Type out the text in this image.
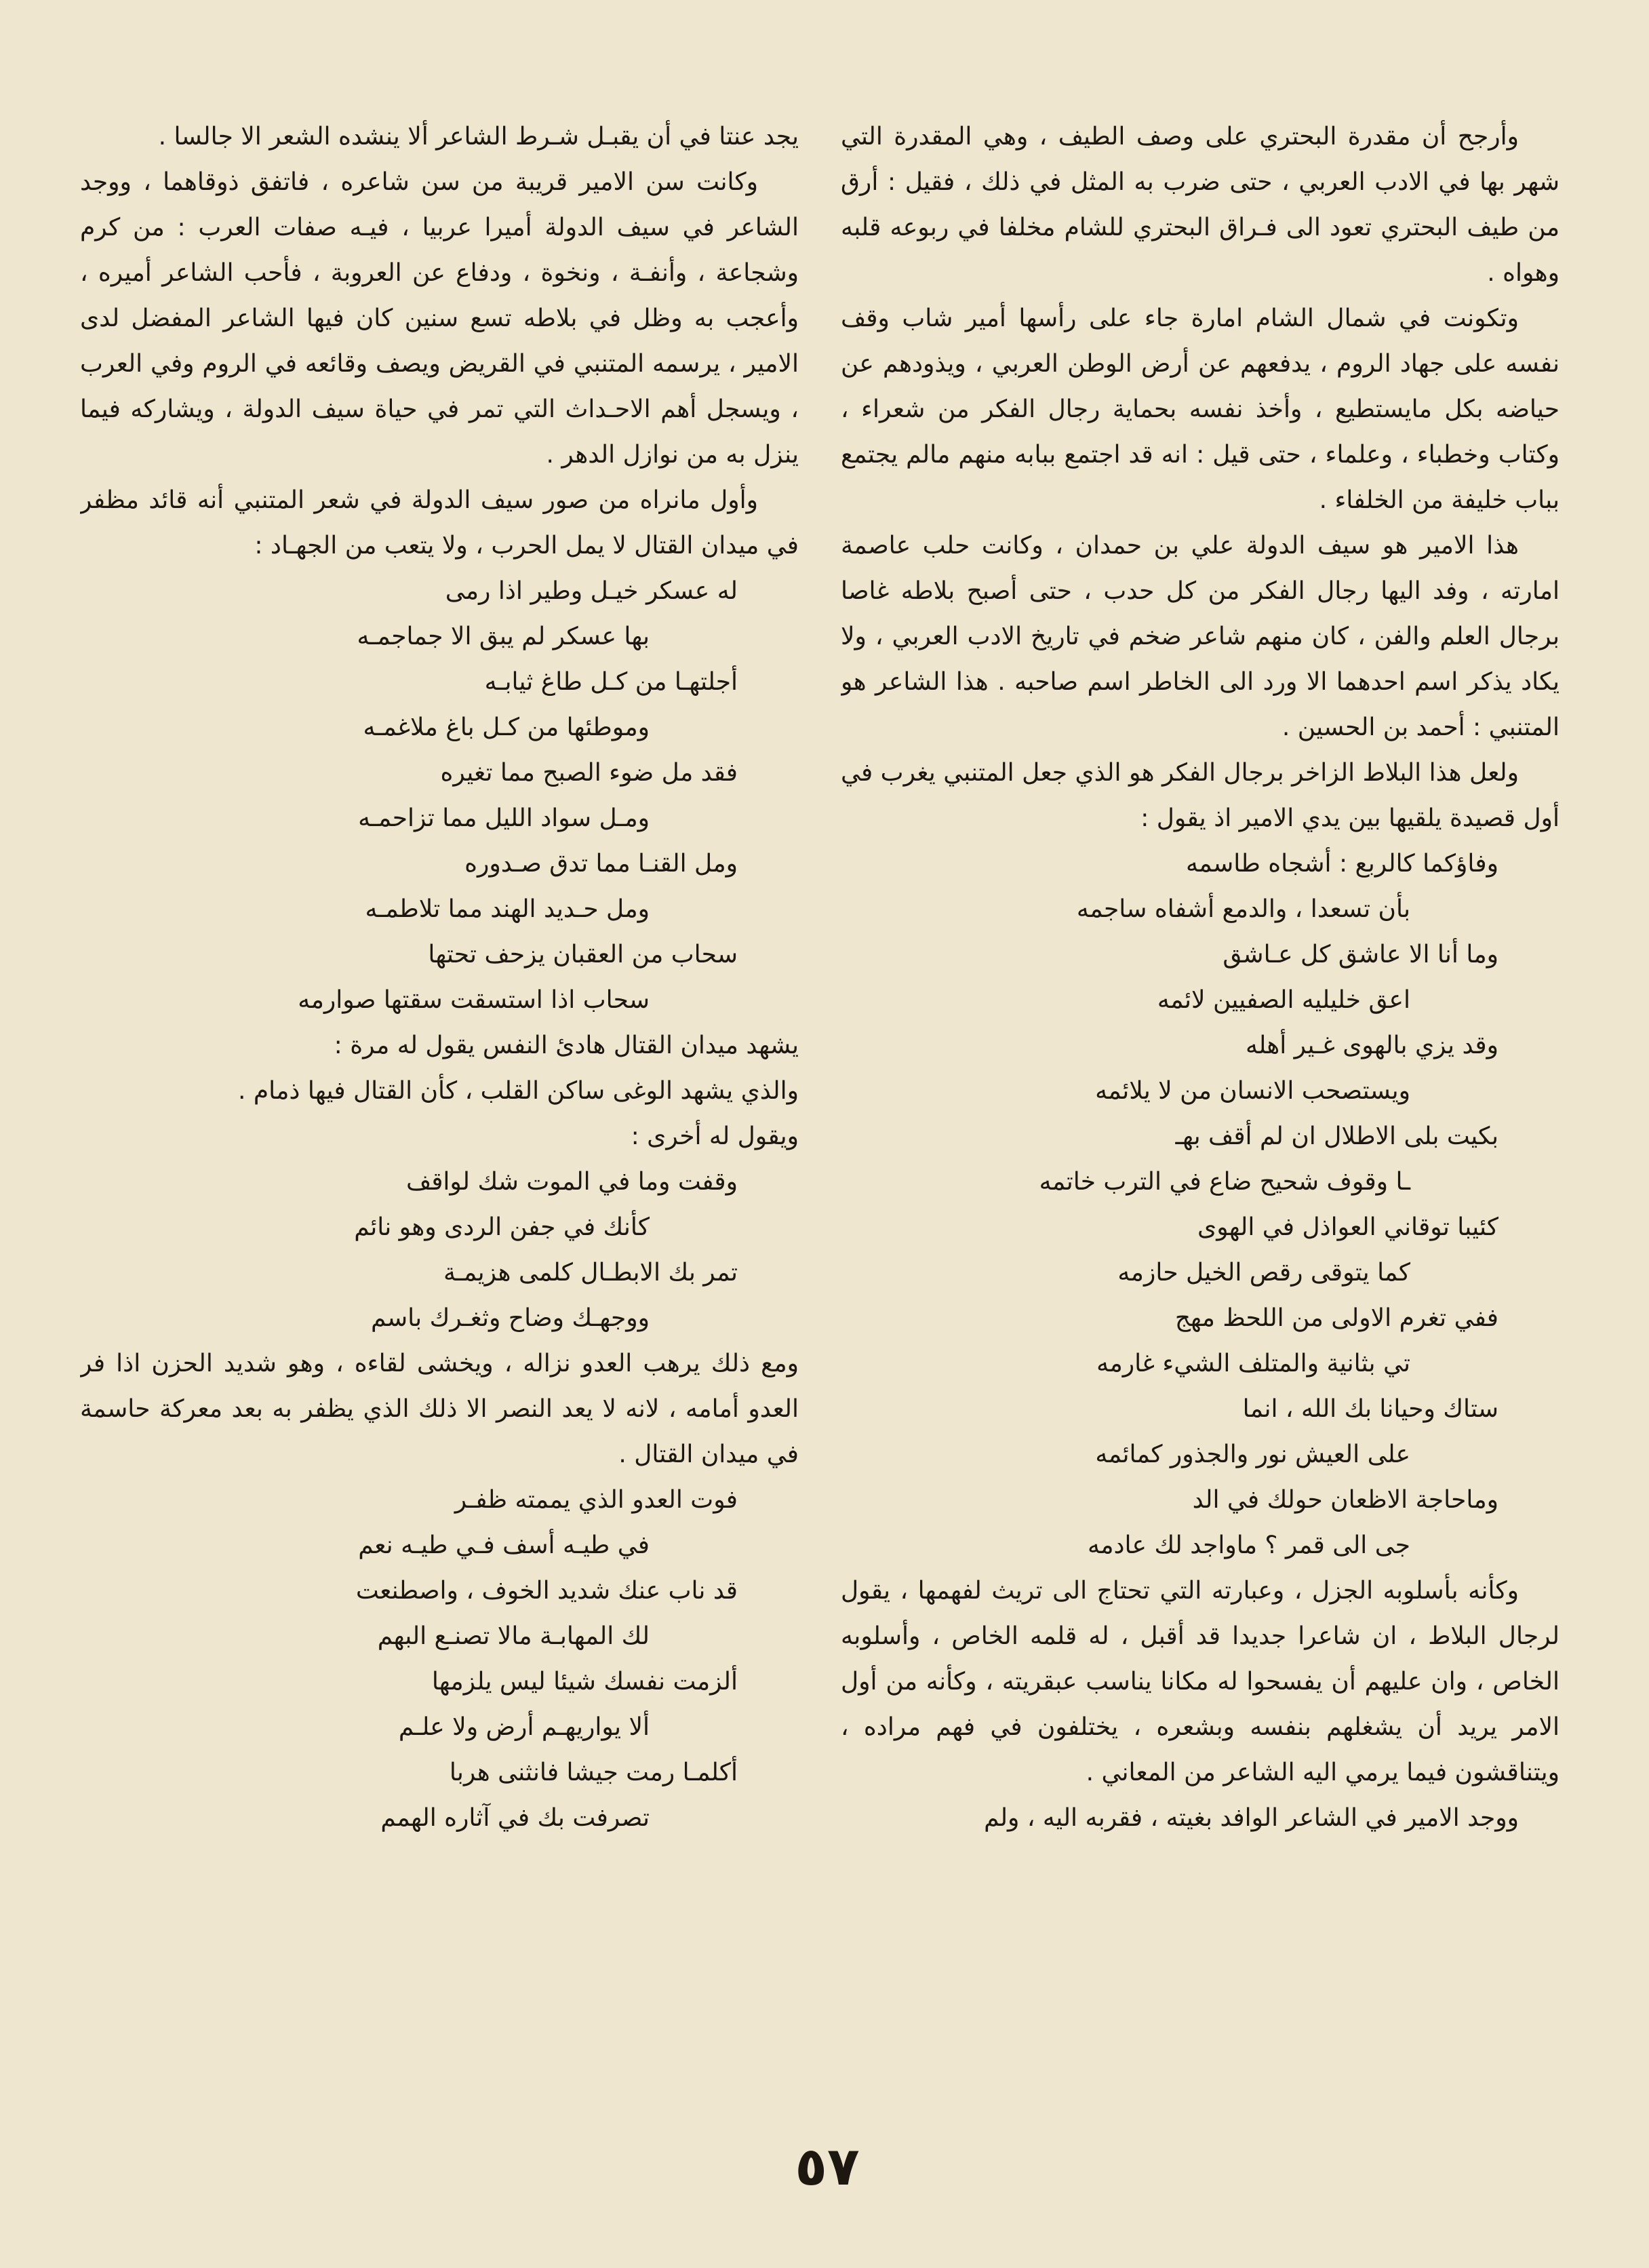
وأرجح أن مقدرة البحتري على وصف الطيف ، وهي المقدرة التي شهر بها في الادب العربي ، حتى ضرب به المثل في ذلك ، فقيل : أرق من طيف البحتري تعود الى فـراق البحتري للشام مخلفا في ربوعه قلبه وهواه .
وتكونت في شمال الشام امارة جاء على رأسها أمير شاب وقف نفسه على جهاد الروم ، يدفعهم عن أرض الوطن العربي ، ويذودهم عن حياضه بكل مايستطيع ، وأخذ نفسه بحماية رجال الفكر من شعراء ، وكتاب وخطباء ، وعلماء ، حتى قيل : انه قد اجتمع ببابه منهم مالم يجتمع بباب خليفة من الخلفاء .
هذا الامير هو سيف الدولة علي بن حمدان ، وكانت حلب عاصمة امارته ، وفد اليها رجال الفكر من كل حدب ، حتى أصبح بلاطه غاصا برجال العلم والفن ، كان منهم شاعر ضخم في تاريخ الادب العربي ، ولا يكاد يذكر اسم احدهما الا ورد الى الخاطر اسم صاحبه . هذا الشاعر هو المتنبي : أحمد بن الحسين .
ولعل هذا البلاط الزاخر برجال الفكر هو الذي جعل المتنبي يغرب في أول قصيدة يلقيها بين يدي الامير اذ يقول :
وفاؤكما كالربع : أشجاه طاسمه
بأن تسعدا ، والدمع أشفاه ساجمه
وما أنا الا عاشق كل عـاشق
اعق خليليه الصفيين لائمه
وقد يزي بالهوى غـير أهله
ويستصحب الانسان من لا يلائمه
بكيت بلى الاطلال ان لم أقف بهـ
ـا وقوف شحيح ضاع في الترب خاتمه
كئيبا توقاني العواذل في الهوى
كما يتوقى رقص الخيل حازمه
ففي تغرم الاولى من اللحظ مهج
تي بثانية والمتلف الشيء غارمه
ستاك وحيانا بك الله ، انما
على العيش نور والجذور كمائمه
وماحاجة الاظعان حولك في الد
جى الى قمر ؟ ماواجد لك عادمه
وكأنه بأسلوبه الجزل ، وعبارته التي تحتاج الى تريث لفهمها ، يقول لرجال البلاط ، ان شاعرا جديدا قد أقبل ، له قلمه الخاص ، وأسلوبه الخاص ، وان عليهم أن يفسحوا له مكانا يناسب عبقريته ، وكأنه من أول الامر يريد أن يشغلهم بنفسه وبشعره ، يختلفون في فهم مراده ، ويتناقشون فيما يرمي اليه الشاعر من المعاني .
ووجد الامير في الشاعر الوافد بغيته ، فقربه اليه ، ولم
يجد عنتا في أن يقبـل شـرط الشاعر ألا ينشده الشعر الا جالسا .
وكانت سن الامير قريبة من سن شاعره ، فاتفق ذوقاهما ، ووجد الشاعر في سيف الدولة أميرا عربيا ، فيـه صفات العرب : من كرم وشجاعة ، وأنفـة ، ونخوة ، ودفاع عن العروبة ، فأحب الشاعر أميره ، وأعجب به وظل في بلاطه تسع سنين كان فيها الشاعر المفضل لدى الامير ، يرسمه المتنبي في القريض ويصف وقائعه في الروم وفي العرب ، ويسجل أهم الاحـداث التي تمر في حياة سيف الدولة ، ويشاركه فيما ينزل به من نوازل الدهر .
وأول مانراه من صور سيف الدولة في شعر المتنبي أنه قائد مظفر في ميدان القتال لا يمل الحرب ، ولا يتعب من الجهـاد :
له عسكر خيـل وطير اذا رمى
بها عسكر لم يبق الا جماجمـه
أجلتهـا من كـل طاغ ثيابـه
وموطئها من كـل باغ ملاغمـه
فقد مل ضوء الصبح مما تغيره
ومـل سواد الليل مما تزاحمـه
ومل القنـا مما تدق صـدوره
ومل حـديد الهند مما تلاطمـه
سحاب من العقبان يزحف تحتها
سحاب اذا استسقت سقتها صوارمه
يشهد ميدان القتال هادئ النفس يقول له مرة :
والذي يشهد الوغى ساكن القلب ، كأن القتال فيها ذمام .
ويقول له أخرى :
وقفت وما في الموت شك لواقف
كأنك في جفن الردى وهو نائم
تمر بك الابطـال كلمى هزيمـة
ووجهـك وضاح وثغـرك باسم
ومع ذلك يرهب العدو نزاله ، ويخشى لقاءه ، وهو شديد الحزن اذا فر العدو أمامه ، لانه لا يعد النصر الا ذلك الذي يظفر به بعد معركة حاسمة في ميدان القتال .
فوت العدو الذي يممته ظفـر
في طيـه أسف فـي طيـه نعم
قد ناب عنك شديد الخوف ، واصطنعت
لك المهابـة مالا تصنـع البهم
ألزمت نفسك شيئا ليس يلزمها
ألا يواريهـم أرض ولا علـم
أكلمـا رمت جيشا فانثنى هربا
تصرفت بك في آثاره الهمم
٥٧
